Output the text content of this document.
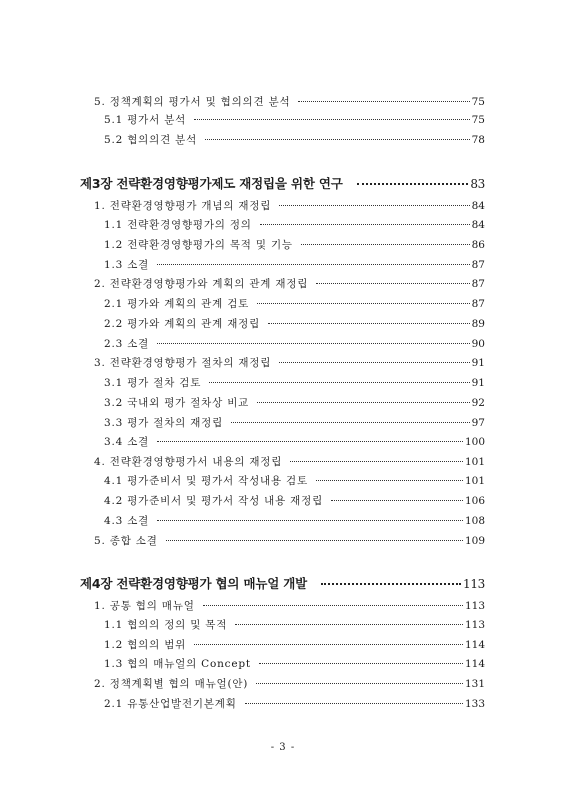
5. 정책계획의 평가서 및 협의의견 분석	75
5.1 평가서 분석	75
5.2 협의의견 분석	78
제3장 전략환경영향평가제도 재정립을 위한 연구	83
1. 전략환경영향평가 개념의 재정립	84
1.1 전략환경영향평가의 정의	84
1.2 전략환경영향평가의 목적 및 기능	86
1.3 소결	87
2. 전략환경영향평가와 계획의 관계 재정립	87
2.1 평가와 계획의 관계 검토	87
2.2 평가와 계획의 관계 재정립	89
2.3 소결	90
3. 전략환경영향평가 절차의 재정립	91
3.1 평가 절차 검토	91
3.2 국내외 평가 절차상 비교	92
3.3 평가 절차의 재정립	97
3.4 소결	100
4. 전략환경영향평가서 내용의 재정립	101
4.1 평가준비서 및 평가서 작성내용 검토	101
4.2 평가준비서 및 평가서 작성 내용 재정립	106
4.3 소결	108
5. 종합 소결	109
제4장 전략환경영향평가 협의 매뉴얼 개발	113
1. 공통 협의 매뉴얼	113
1.1 협의의 정의 및 목적	113
1.2 협의의 범위	114
1.3 협의 매뉴얼의 Concept	114
2. 정책계획별 협의 매뉴얼(안)	131
2.1 유통산업발전기본계획	133
- 3 -
